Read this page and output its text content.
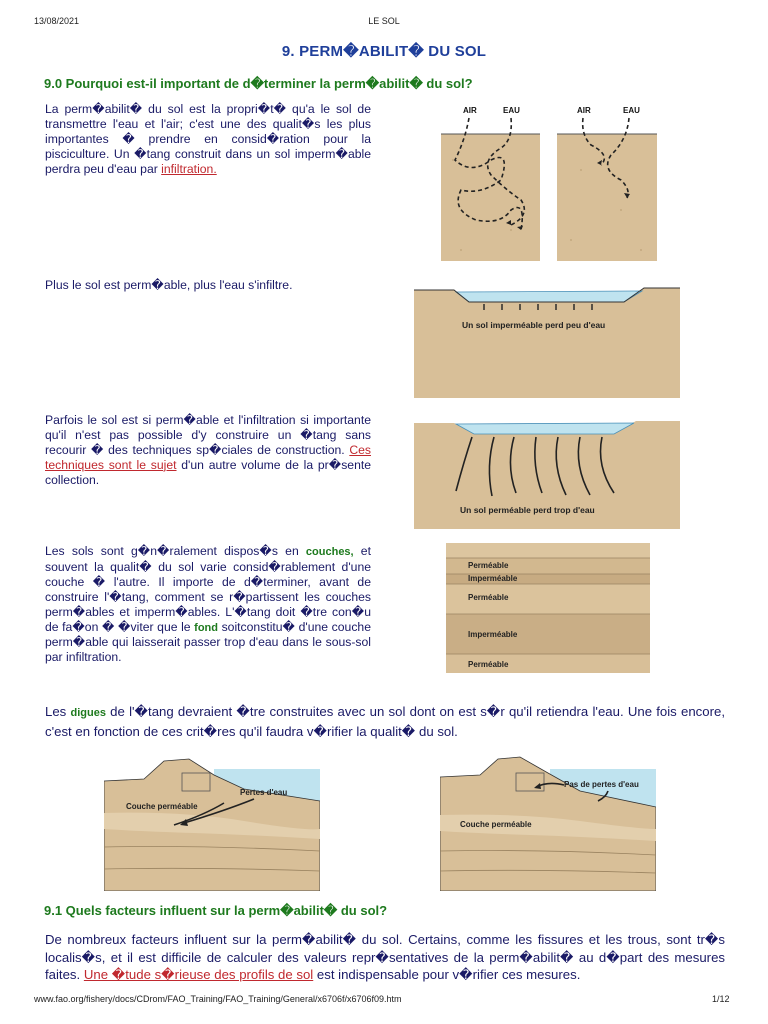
13/08/2021	LE SOL
9. PERM�ABILIT� DU SOL
9.0 Pourquoi est-il important de d�terminer la perm�abilit� du sol?
La perm�abilit� du sol est la propri�t� qu'a le sol de transmettre l'eau et l'air; c'est une des qualit�s les plus importantes � prendre en consid�ration pour la pisciculture. Un �tang construit dans un sol imperm�able perdra peu d'eau par infiltration.
AIR	EAU	AIR	EAU
Plus le sol est perm�able, plus l'eau s'infiltre.
Un sol imperméable perd peu d'eau
Parfois le sol est si perm�able et l'infiltration si importante qu'il n'est pas possible d'y construire un �tang sans recourir � des techniques sp�ciales de construction. Ces techniques sont le sujet d'un autre volume de la pr�sente collection.
Un sol perméable perd trop d'eau
Les sols sont g�n�ralement dispos�s en couches, et souvent la qualit� du sol varie consid�rablement d'une couche � l'autre. Il importe de d�terminer, avant de construire l'�tang, comment se r�partissent les couches perm�ables et imperm�ables. L'�tang doit �tre con�u de fa�on � �viter que le fond soitconstitu� d'une couche perm�able qui laisserait passer trop d'eau dans le sous-sol par infiltration.
Perméable
Imperméable
Perméable
Imperméable
Perméable
Les digues de l'�tang devraient �tre construites avec un sol dont on est s�r qu'il retiendra l'eau. Une fois encore, c'est en fonction de ces crit�res qu'il faudra v�rifier la qualit� du sol.
Pertes d'eau
Couche perméable
Pas de pertes d'eau
Couche perméable
9.1 Quels facteurs influent sur la perm�abilit� du sol?
De nombreux facteurs influent sur la perm�abilit� du sol. Certains, comme les fissures et les trous, sont tr�s localis�s, et il est difficile de calculer des valeurs repr�sentatives de la perm�abilit� au d�part des mesures faites. Une �tude s�rieuse des profils de sol est indispensable pour v�rifier ces mesures.
www.fao.org/fishery/docs/CDrom/FAO_Training/FAO_Training/General/x6706f/x6706f09.htm	1/12
